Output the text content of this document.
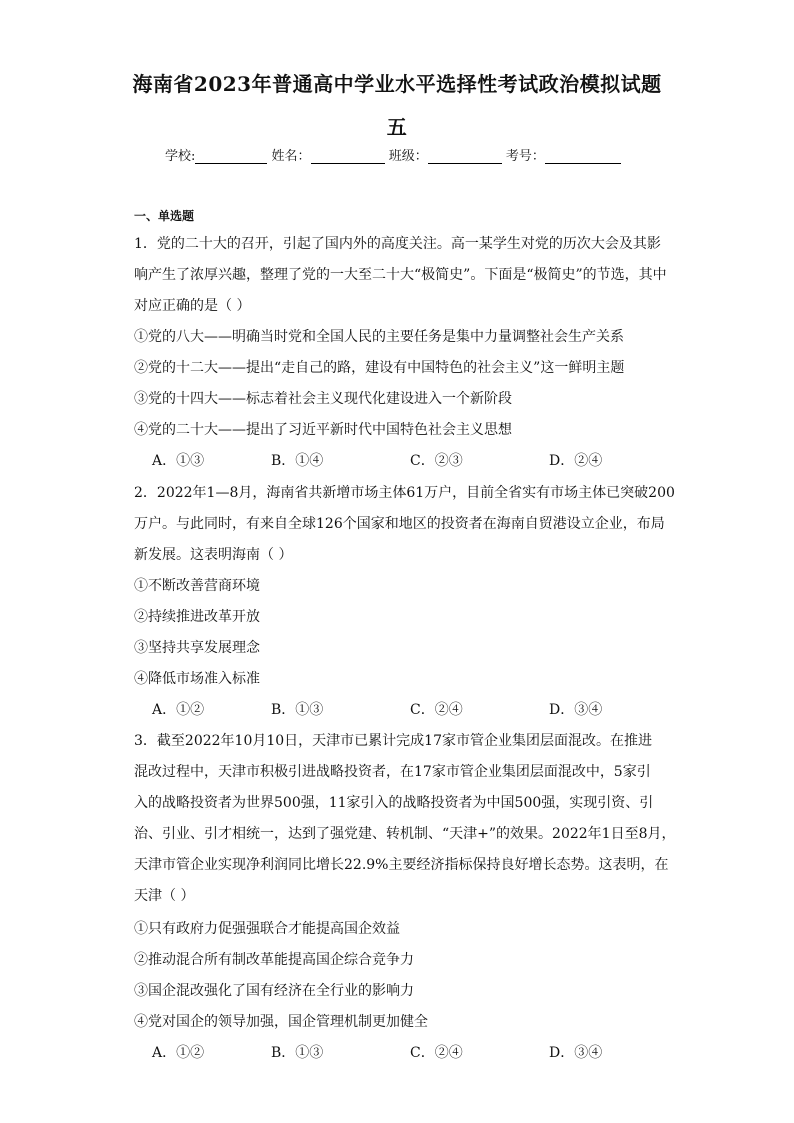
海南省2023年普通高中学业水平选择性考试政治模拟试题
五
学校:	姓名：	班级：	考号：
一、单选题
1．党的二十大的召开，引起了国内外的高度关注。高一某学生对党的历次大会及其影
响产生了浓厚兴趣，整理了党的一大至二十大“极简史”。下面是“极简史”的节选，其中
对应正确的是（ ）
①党的八大——明确当时党和全国人民的主要任务是集中力量调整社会生产关系
②党的十二大——提出“走自己的路，建设有中国特色的社会主义”这一鲜明主题
③党的十四大——标志着社会主义现代化建设进入一个新阶段
④党的二十大——提出了习近平新时代中国特色社会主义思想
A．①③	B．①④	C．②③	D．②④
2．2022年1—8月，海南省共新增市场主体61万户，目前全省实有市场主体已突破200
万户。与此同时，有来自全球126个国家和地区的投资者在海南自贸港设立企业，布局
新发展。这表明海南（ ）
①不断改善营商环境
②持续推进改革开放
③坚持共享发展理念
④降低市场准入标准
A．①②	B．①③	C．②④	D．③④
3．截至2022年10月10日，天津市已累计完成17家市管企业集团层面混改。在推进
混改过程中，天津市积极引进战略投资者，在17家市管企业集团层面混改中，5家引
入的战略投资者为世界500强，11家引入的战略投资者为中国500强，实现引资、引
治、引业、引才相统一，达到了强党建、转机制、“天津+”的效果。2022年1日至8月，
天津市管企业实现净利润同比增长22.9%主要经济指标保持良好增长态势。这表明，在
天津（ ）
①只有政府力促强强联合才能提高国企效益
②推动混合所有制改革能提高国企综合竞争力
③国企混改强化了国有经济在全行业的影响力
④党对国企的领导加强，国企管理机制更加健全
A．①②	B．①③	C．②④	D．③④
